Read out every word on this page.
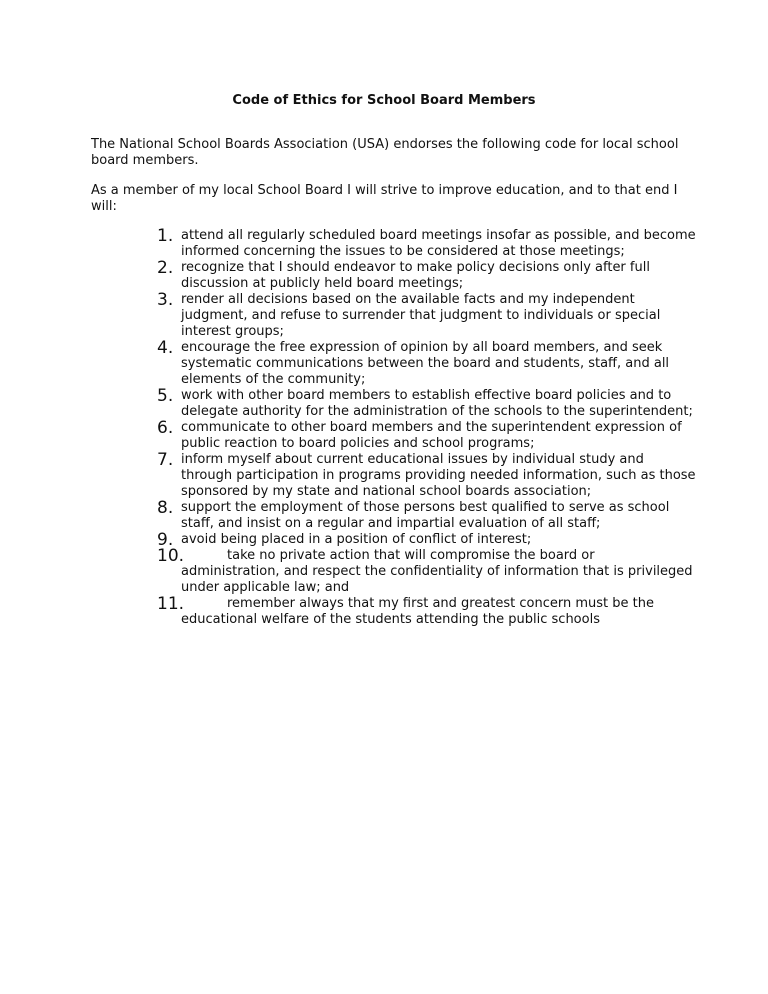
Code of Ethics for School Board Members

The National School Boards Association (USA) endorses the following code for local school board members.

As a member of my local School Board I will strive to improve education, and to that end I will:

1. attend all regularly scheduled board meetings insofar as possible, and become informed concerning the issues to be considered at those meetings;
2. recognize that I should endeavor to make policy decisions only after full discussion at publicly held board meetings;
3. render all decisions based on the available facts and my independent judgment, and refuse to surrender that judgment to individuals or special interest groups;
4. encourage the free expression of opinion by all board members, and seek systematic communications between the board and students, staff, and all elements of the community;
5. work with other board members to establish effective board policies and to delegate authority for the administration of the schools to the superintendent;
6. communicate to other board members and the superintendent expression of public reaction to board policies and school programs;
7. inform myself about current educational issues by individual study and through participation in programs providing needed information, such as those sponsored by my state and national school boards association;
8. support the employment of those persons best qualified to serve as school staff, and insist on a regular and impartial evaluation of all staff;
9. avoid being placed in a position of conflict of interest;
10.	take no private action that will compromise the board or administration, and respect the confidentiality of information that is privileged under applicable law; and
11.	remember always that my first and greatest concern must be the educational welfare of the students attending the public schools
